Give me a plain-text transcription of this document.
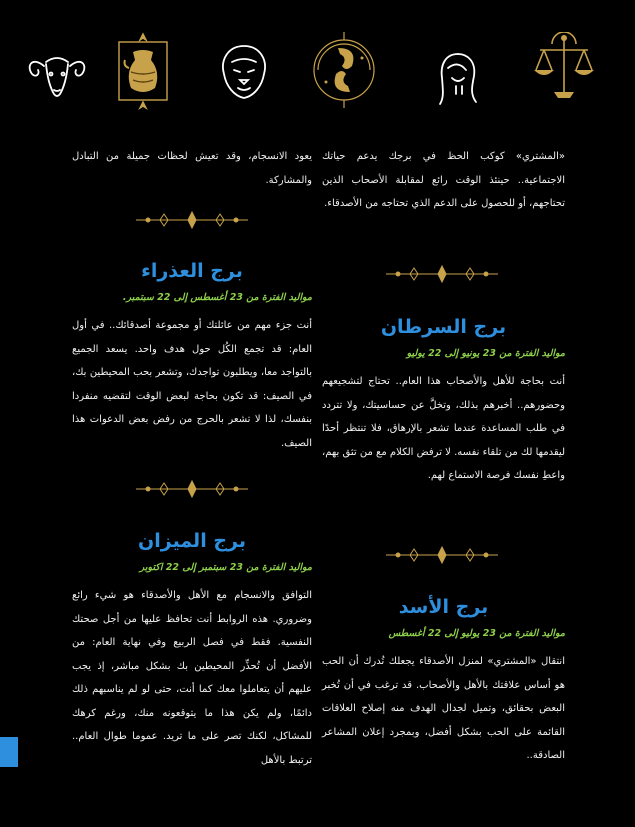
«المشتري» كوكب الحظ في برجك يدعم حياتك الاجتماعية.. حينئذ الوقت رائع لمقابلة الأصحاب الذين تحتاجهم، أو للحصول على الدعم الذي تحتاجه من الأصدقاء.

برج السرطان

مواليد الفترة من 23 يونيو إلى 22 يوليو

أنت بحاجة للأهل والأصحاب هذا العام.. تحتاج لتشجيعهم وحضورهم.. أخبرهم بذلك، وتخلَّ عن حساسيتك، ولا تتردد في طلب المساعدة عندما تشعر بالإرهاق، فلا تنتظر أحدًا ليقدمها لك من تلقاء نفسه. لا ترفض الكلام مع من تثق بهم، واعطِ نفسك فرصة الاستماع لهم.

برج الأسد

مواليد الفترة من 23 يوليو إلى 22 أغسطس

انتقال «المشتري» لمنزل الأصدقاء يجعلك تُدرك أن الحب هو أساس علاقتك بالأهل والأصحاب. قد ترغب في أن تُخبر البعض بحقائق، وتميل لجدال الهدف منه إصلاح العلاقات القائمة على الحب بشكل أفضل، وبمجرد إعلان المشاعر الصادقة..

يعود الانسجام، وقد تعيش لحظات جميلة من التبادل والمشاركة.

برج العذراء

مواليد الفترة من 23 أغسطس إلى 22 سبتمبر.

أنت جزء مهم من عائلتك أو مجموعة أصدقائك.. في أول العام: قد تجمع الكُل حول هدف واحد. يسعد الجميع بالتواجد معا، ويطلبون تواجدك، وتشعر بحب المحيطين بك، في الصيف: قد تكون بحاجة لبعض الوقت لتقضيه منفردا بنفسك، لذا لا تشعر بالحرج من رفض بعض الدعوات هذا الصيف.

برج الميزان

مواليد الفترة من 23 سبتمبر إلى 22 اكتوبر

التوافق والانسجام مع الأهل والأصدقاء هو شيء رائع وضروري. هذه الروابط أنت تحافظ عليها من أجل صحتك النفسية. فقط في فصل الربيع وفي نهاية العام: من الأفضل أن تُحذِّر المحيطين بك بشكل مباشر، إذ يجب عليهم أن يتعاملوا معك كما أنت، حتى لو لم يناسبهم ذلك دائمًا، ولم يكن هذا ما يتوقعونه منك، ورغم كرهك للمشاكل، لكنك تصر على ما تريد. عموما طوال العام.. ترتبط بالأهل
